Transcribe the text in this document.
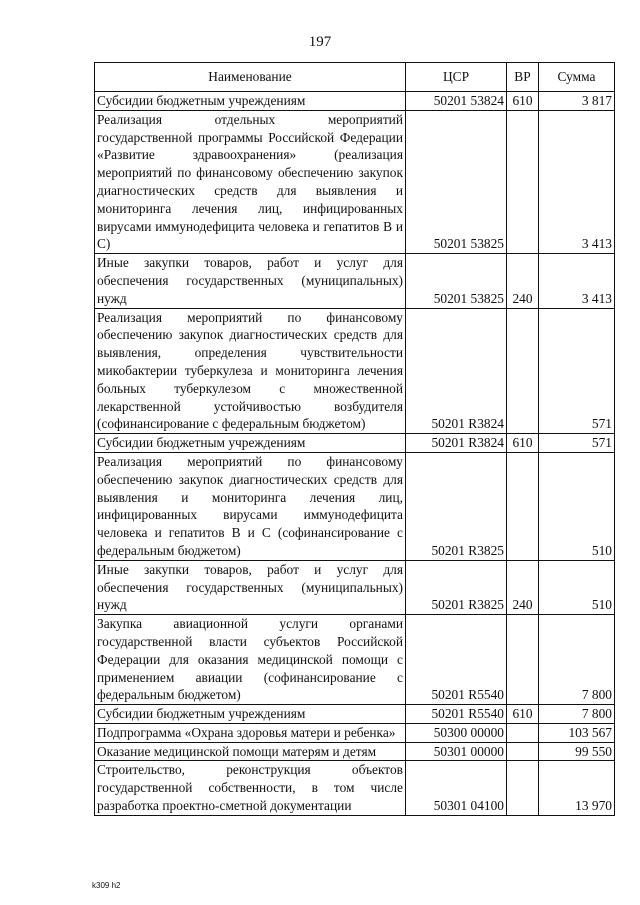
197
Наименование	ЦСР	ВР	Сумма
Субсидии бюджетным учреждениям	50201 53824	610	3 817
Реализация отдельных мероприятий государственной программы Российской Федерации «Развитие здравоохранения» (реализация мероприятий по финансовому обеспечению закупок диагностических средств для выявления и мониторинга лечения лиц, инфицированных вирусами иммунодефицита человека и гепатитов В и С)	50201 53825		3 413
Иные закупки товаров, работ и услуг для обеспечения государственных (муниципальных) нужд	50201 53825	240	3 413
Реализация мероприятий по финансовому обеспечению закупок диагностических средств для выявления, определения чувствительности микобактерии туберкулеза и мониторинга лечения больных туберкулезом с множественной лекарственной устойчивостью возбудителя (софинансирование с федеральным бюджетом)	50201 R3824		571
Субсидии бюджетным учреждениям	50201 R3824	610	571
Реализация мероприятий по финансовому обеспечению закупок диагностических средств для выявления и мониторинга лечения лиц, инфицированных вирусами иммунодефицита человека и гепатитов В и С (софинансирование с федеральным бюджетом)	50201 R3825		510
Иные закупки товаров, работ и услуг для обеспечения государственных (муниципальных) нужд	50201 R3825	240	510
Закупка авиационной услуги органами государственной власти субъектов Российской Федерации для оказания медицинской помощи с применением авиации (софинансирование с федеральным бюджетом)	50201 R5540		7 800
Субсидии бюджетным учреждениям	50201 R5540	610	7 800
Подпрограмма «Охрана здоровья матери и ребенка»	50300 00000		103 567
Оказание медицинской помощи матерям и детям	50301 00000		99 550
Строительство, реконструкция объектов государственной собственности, в том числе разработка проектно-сметной документации	50301 04100		13 970
k309 h2
